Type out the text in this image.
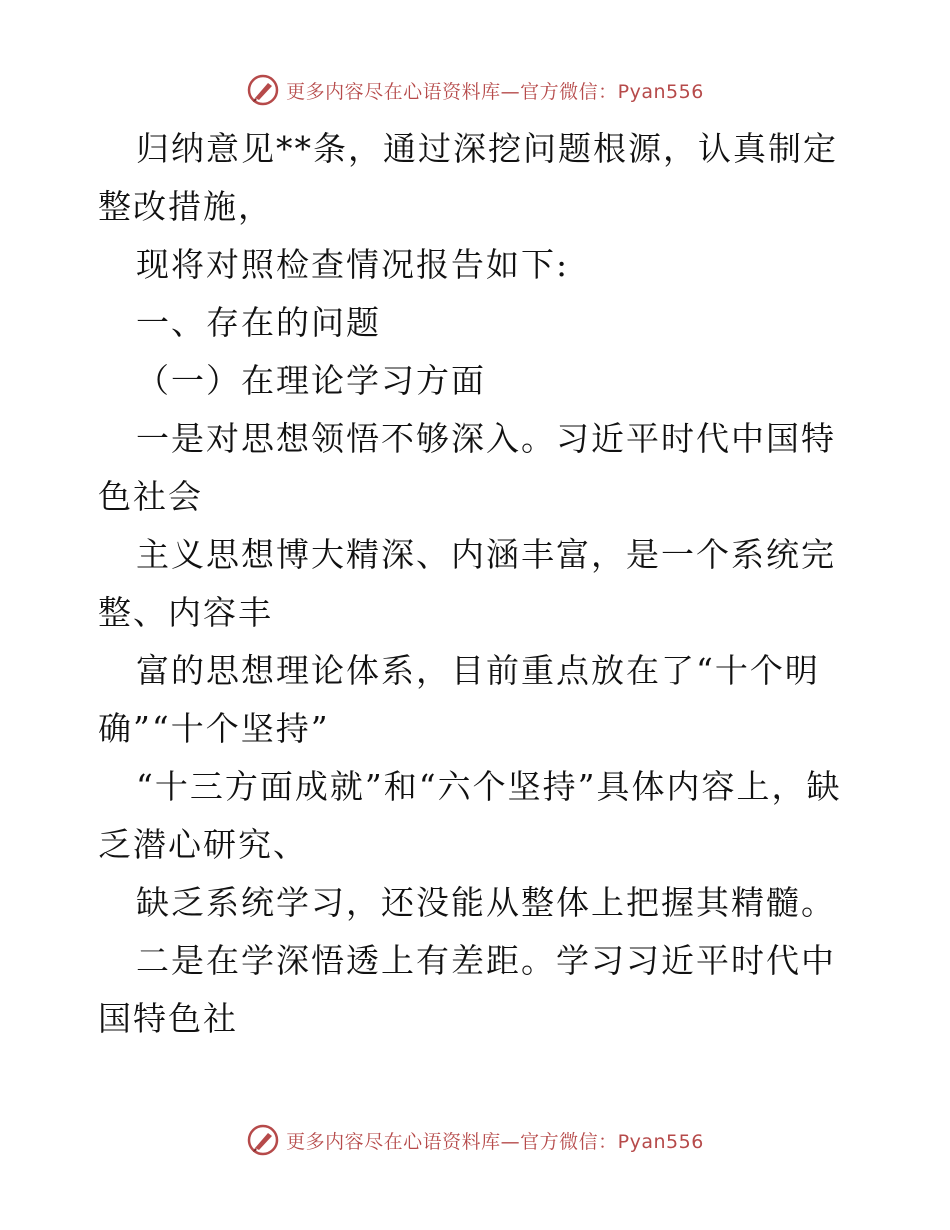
更多内容尽在心语资料库—官方微信：Pyan556

归纳意见**条，通过深挖问题根源，认真制定整改措施，

现将对照检查情况报告如下:

一、存在的问题

（一）在理论学习方面

一是对思想领悟不够深入。习近平时代中国特色社会

主义思想博大精深、内涵丰富，是一个系统完整、内容丰

富的思想理论体系，目前重点放在了“十个明确”“十个坚持”

“十三方面成就”和“六个坚持”具体内容上，缺乏潜心研究、

缺乏系统学习，还没能从整体上把握其精髓。

二是在学深悟透上有差距。学习习近平时代中国特色社

更多内容尽在心语资料库—官方微信：Pyan556
